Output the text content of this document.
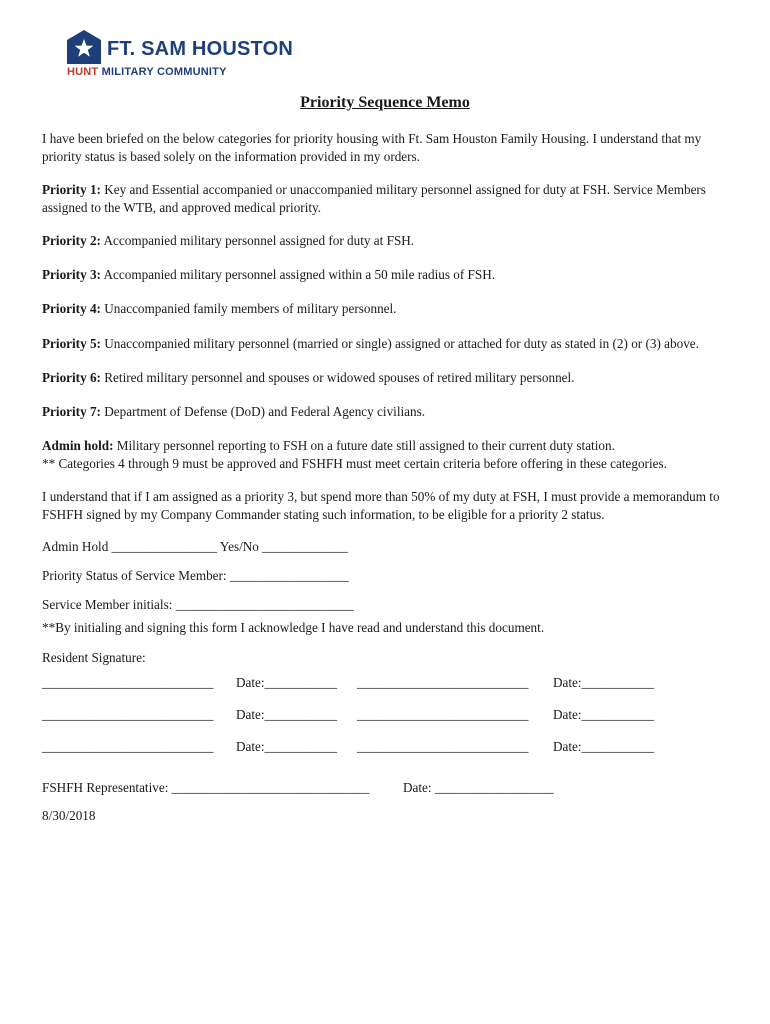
FT. SAM HOUSTON
HUNT MILITARY COMMUNITY
Priority Sequence Memo
I have been briefed on the below categories for priority housing with Ft. Sam Houston Family Housing. I understand that my priority status is based solely on the information provided in my orders.
Priority 1: Key and Essential accompanied or unaccompanied military personnel assigned for duty at FSH. Service Members assigned to the WTB, and approved medical priority.
Priority 2: Accompanied military personnel assigned for duty at FSH.
Priority 3: Accompanied military personnel assigned within a 50 mile radius of FSH.
Priority 4: Unaccompanied family members of military personnel.
Priority 5: Unaccompanied military personnel (married or single) assigned or attached for duty as stated in (2) or (3) above.
Priority 6: Retired military personnel and spouses or widowed spouses of retired military personnel.
Priority 7: Department of Defense (DoD) and Federal Agency civilians.
Admin hold: Military personnel reporting to FSH on a future date still assigned to their current duty station.
** Categories 4 through 9 must be approved and FSHFH must meet certain criteria before offering in these categories.
I understand that if I am assigned as a priority 3, but spend more than 50% of my duty at FSH, I must provide a memorandum to FSHFH signed by my Company Commander stating such information, to be eligible for a priority 2 status.
Admin Hold ________________ Yes/No _____________
Priority Status of Service Member: __________________
Service Member initials: ___________________________
**By initialing and signing this form I acknowledge I have read and understand this document.
Resident Signature:
__________________________ Date:___________ __________________________ Date:___________
__________________________ Date:___________ __________________________ Date:___________
__________________________ Date:___________ __________________________ Date:___________
FSHFH Representative: ______________________________	Date: __________________
8/30/2018
